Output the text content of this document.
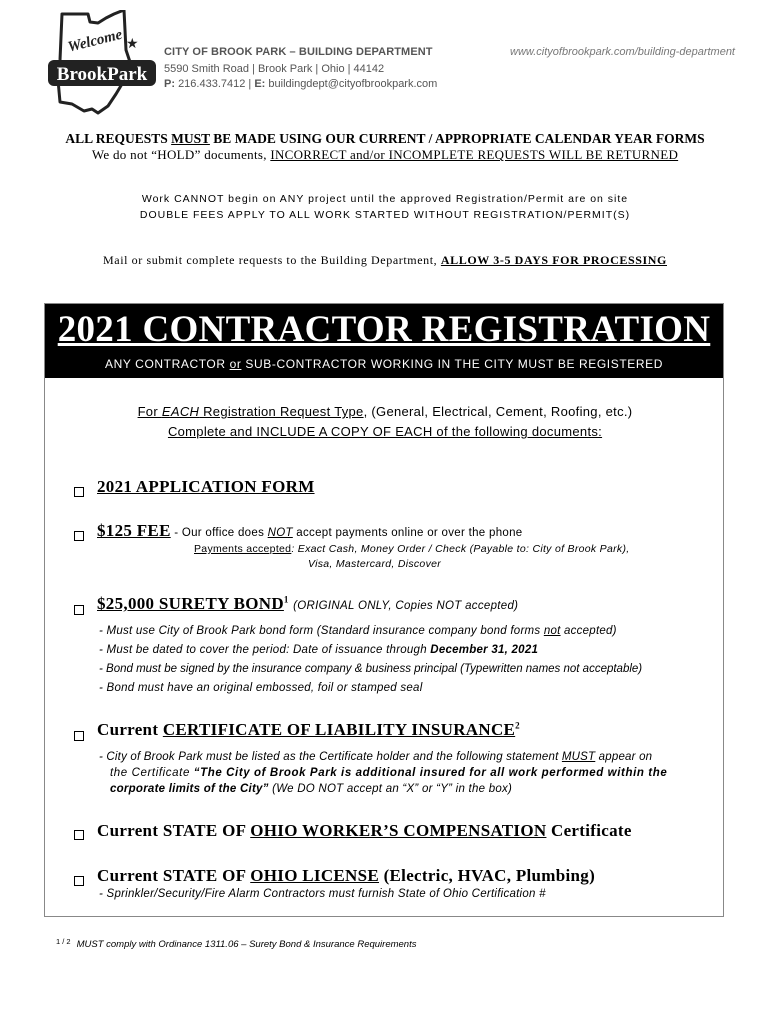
Welcome ★
BrookPark
CITY OF BROOK PARK – BUILDING DEPARTMENT	www.cityofbrookpark.com/building-department
5590 Smith Road | Brook Park | Ohio | 44142
P: 216.433.7412 | E: buildingdept@cityofbrookpark.com
ALL REQUESTS MUST BE MADE USING OUR CURRENT / APPROPRIATE CALENDAR YEAR FORMS
We do not “HOLD” documents, INCORRECT and/or INCOMPLETE REQUESTS WILL BE RETURNED
Work CANNOT begin on ANY project until the approved Registration/Permit are on site
DOUBLE FEES APPLY TO ALL WORK STARTED WITHOUT REGISTRATION/PERMIT(S)
Mail or submit complete requests to the Building Department, ALLOW 3-5 DAYS FOR PROCESSING
2021 CONTRACTOR REGISTRATION
ANY CONTRACTOR or SUB-CONTRACTOR WORKING IN THE CITY MUST BE REGISTERED
For EACH Registration Request Type, (General, Electrical, Cement, Roofing, etc.)
Complete and INCLUDE A COPY OF EACH of the following documents:
2021 APPLICATION FORM
$125 FEE - Our office does NOT accept payments online or over the phone
Payments accepted: Exact Cash, Money Order / Check (Payable to: City of Brook Park),
Visa, Mastercard, Discover
$25,000 SURETY BOND$^1$ (ORIGINAL ONLY, Copies NOT accepted)
- Must use City of Brook Park bond form (Standard insurance company bond forms not accepted)
- Must be dated to cover the period: Date of issuance through December 31, 2021
- Bond must be signed by the insurance company & business principal (Typewritten names not acceptable)
- Bond must have an original embossed, foil or stamped seal
Current CERTIFICATE OF LIABILITY INSURANCE$^2$
- City of Brook Park must be listed as the Certificate holder and the following statement MUST appear on
the Certificate “The City of Brook Park is additional insured for all work performed within the
corporate limits of the City” (We DO NOT accept an “X” or “Y” in the box)
Current STATE OF OHIO WORKER’S COMPENSATION Certificate
Current STATE OF OHIO LICENSE (Electric, HVAC, Plumbing)
- Sprinkler/Security/Fire Alarm Contractors must furnish State of Ohio Certification #
$^{1 / 2}$ MUST comply with Ordinance 1311.06 – Surety Bond & Insurance Requirements
